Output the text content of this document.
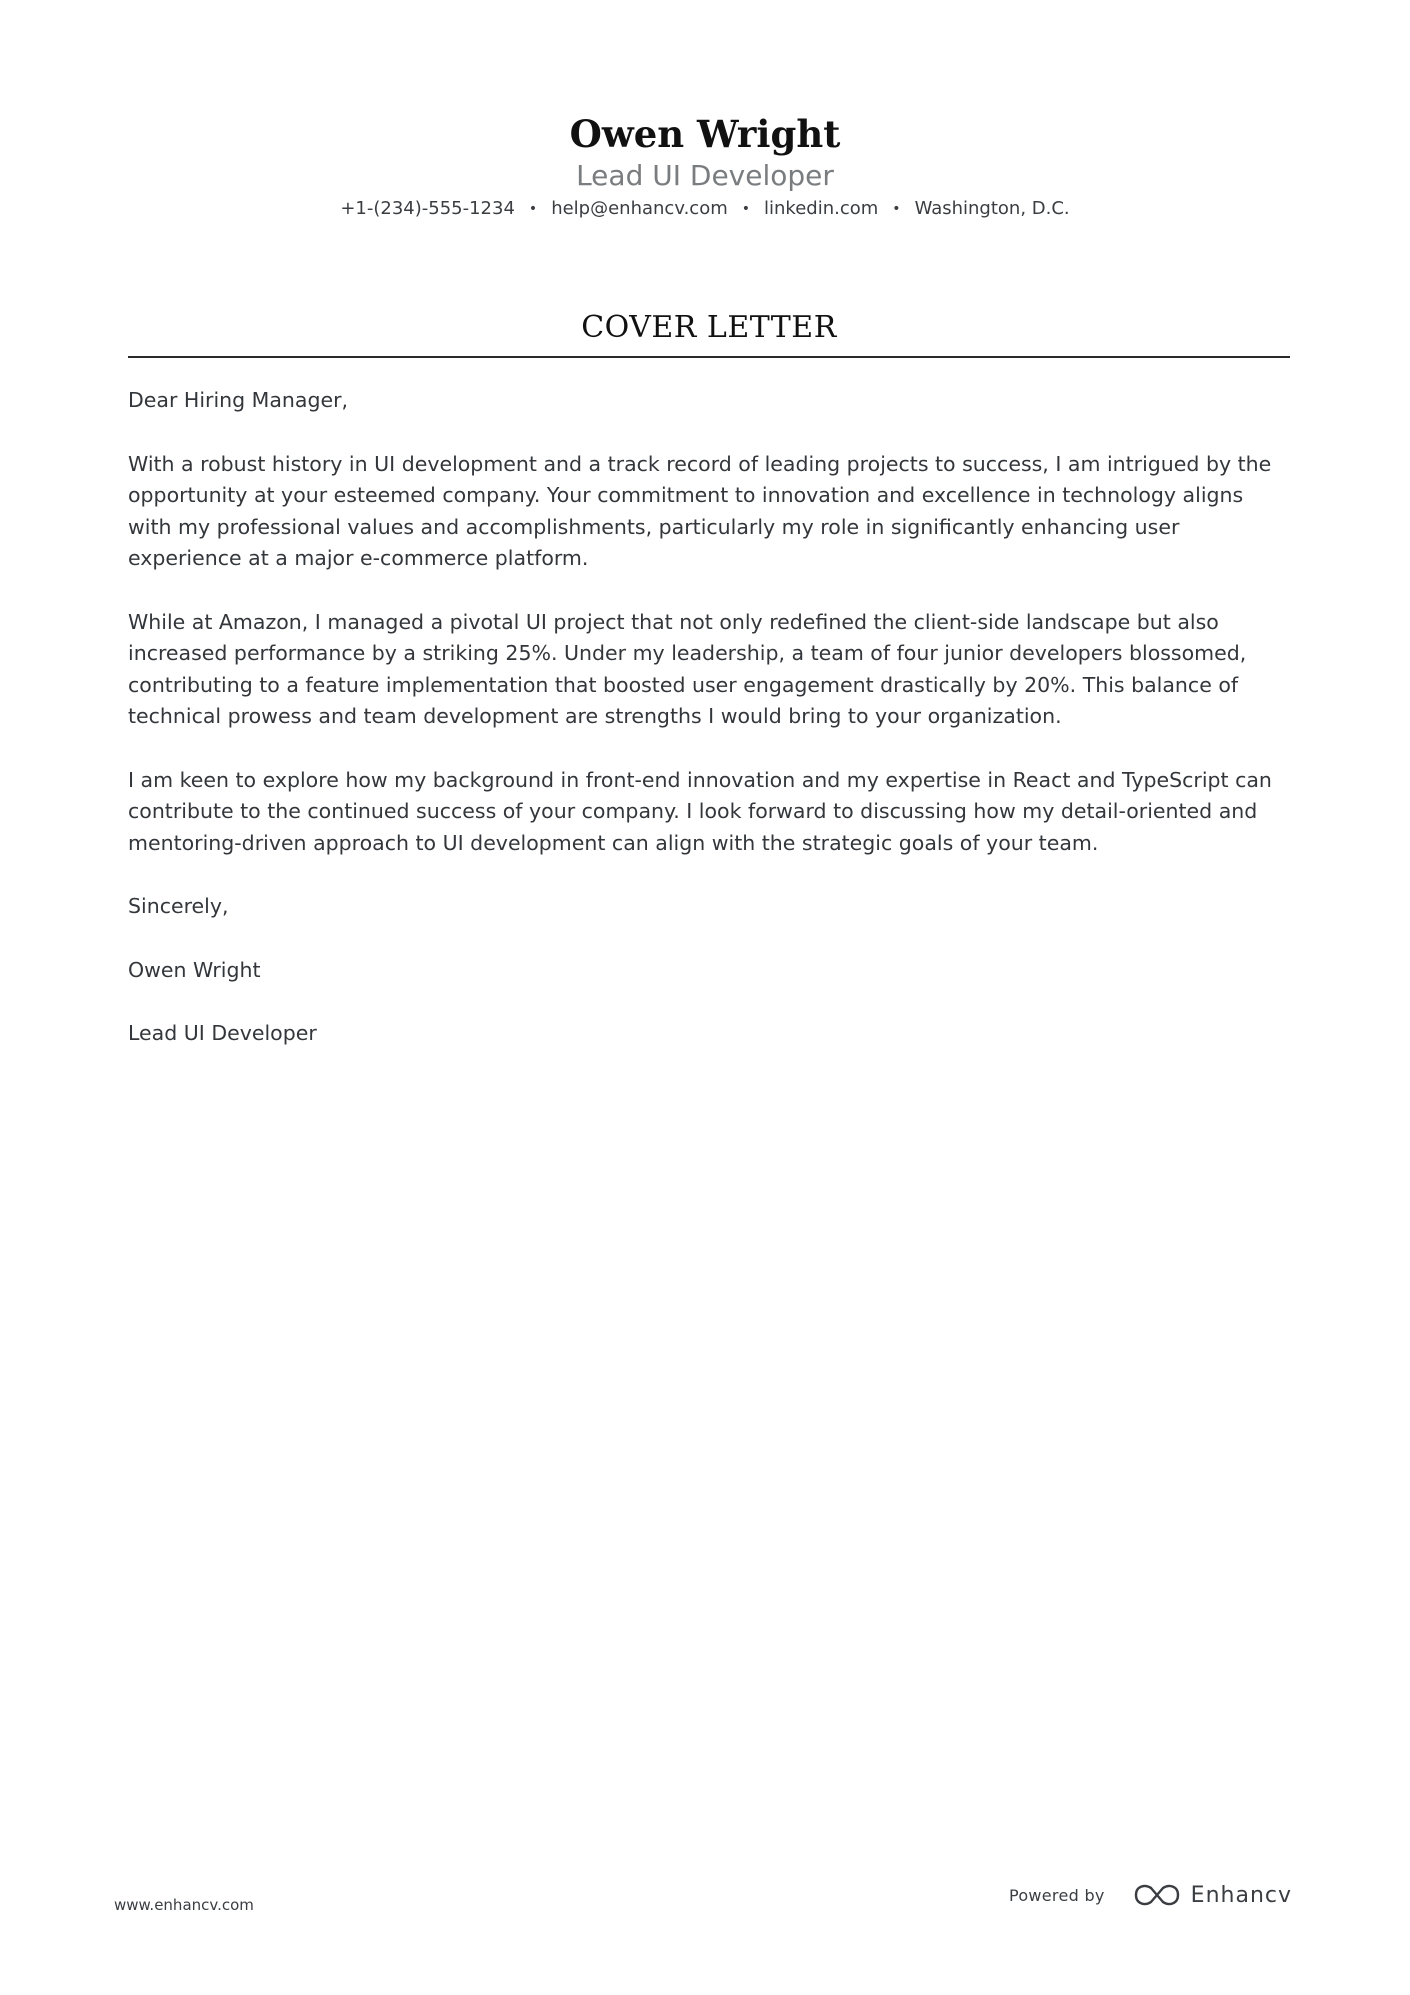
Owen Wright
Lead UI Developer
+1-(234)-555-1234 • help@enhancv.com • linkedin.com • Washington, D.C.
COVER LETTER

Dear Hiring Manager,

With a robust history in UI development and a track record of leading projects to success, I am intrigued by the opportunity at your esteemed company. Your commitment to innovation and excellence in technology aligns with my professional values and accomplishments, particularly my role in significantly enhancing user experience at a major e-commerce platform.

While at Amazon, I managed a pivotal UI project that not only redefined the client-side landscape but also increased performance by a striking 25%. Under my leadership, a team of four junior developers blossomed, contributing to a feature implementation that boosted user engagement drastically by 20%. This balance of technical prowess and team development are strengths I would bring to your organization.

I am keen to explore how my background in front-end innovation and my expertise in React and TypeScript can contribute to the continued success of your company. I look forward to discussing how my detail-oriented and mentoring-driven approach to UI development can align with the strategic goals of your team.

Sincerely,

Owen Wright

Lead UI Developer

www.enhancv.com
Powered by	Enhancv
